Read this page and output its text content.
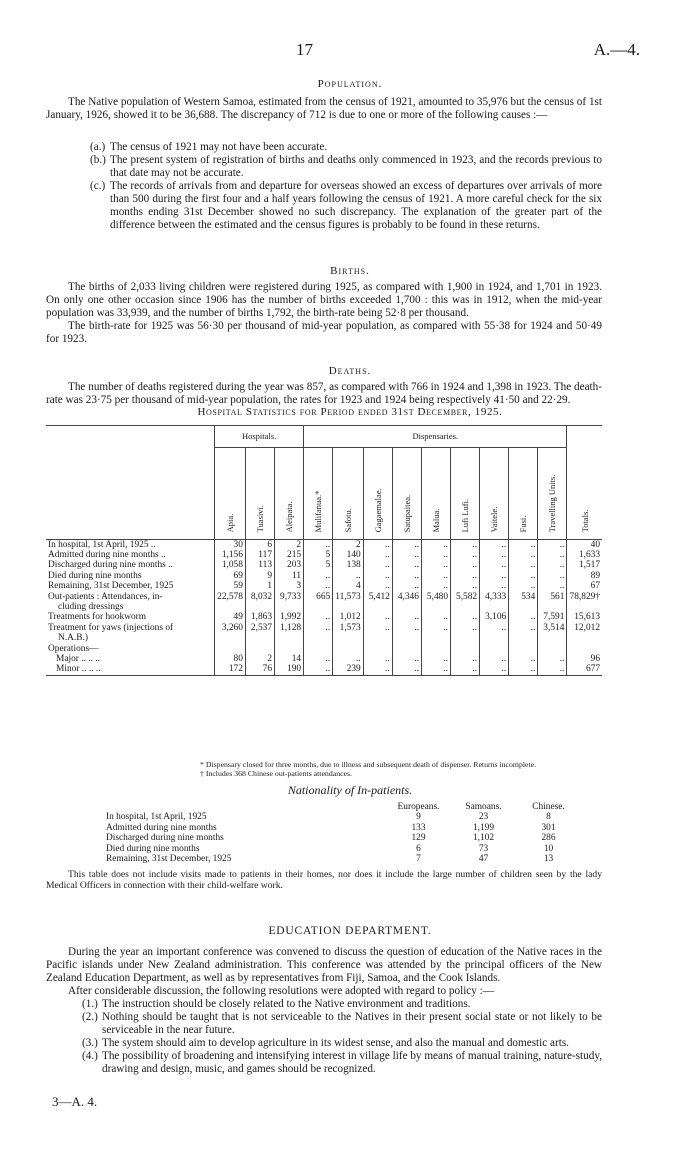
17	A.—4.
Population.

The Native population of Western Samoa, estimated from the census of 1921, amounted to 35,976 but the census of 1st January, 1926, showed it to be 36,688. The discrepancy of 712 is due to one or more of the following causes :—

(a.) The census of 1921 may not have been accurate.
(b.) The present system of registration of births and deaths only commenced in 1923, and the records previous to that date may not be accurate.
(c.) The records of arrivals from and departure for overseas showed an excess of departures over arrivals of more than 500 during the first four and a half years following the census of 1921. A more careful check for the six months ending 31st December showed no such discrepancy. The explanation of the greater part of the difference between the estimated and the census figures is probably to be found in these returns.
Births.

The births of 2,033 living children were registered during 1925, as compared with 1,900 in 1924, and 1,701 in 1923. On only one other occasion since 1906 has the number of births exceeded 1,700 : this was in 1912, when the mid-year population was 33,939, and the number of births 1,792, the birth-rate being 52·8 per thousand.

The birth-rate for 1925 was 56·30 per thousand of mid-year population, as compared with 55·38 for 1924 and 50·49 for 1923.

Deaths.

The number of deaths registered during the year was 857, as compared with 766 in 1924 and 1,398 in 1923. The death-rate was 23·75 per thousand of mid-year population, the rates for 1923 and 1924 being respectively 41·50 and 22·29.

Hospital Statistics for Period ended 31st December, 1925.
	Hospitals.			Dispensaries.									

	Apia.	Tuasivi.	Aleipata.	Mulifanua.*	Safotu.	Gagaemalae.	Satupaitea.	Malua.	Lufi Lufi.	Vaitele.	Fusi.	Travelling Units.	Totals.

In hospital, 1st April, 1925 ..	30	6	2	..	2	..	..	..	..	..	..	..	40
Admitted during nine months ..	1,156	117	215	5	140	..	..	..	..	..	..	..	1,633
Discharged during nine months ..	1,058	113	203	5	138	..	..	..	..	..	..	..	1,517
Died during nine months	69	9	11	..	..	..	..	..	..	..	..	..	89
Remaining, 31st December, 1925	59	1	3	..	4	..	..	..	..	..	..	..	67
Out-patients : Attendances, in-	22,578	8,032	9,733	665	11,573	5,412	4,346	5,480	5,582	4,333	534	561	78,829†
cluding dressings													
Treatments for hookworm	49	1,863	1,992	..	1,012	..	..	..	..	3,106	..	7,591	15,613
Treatment for yaws (injections of	3,260	2,537	1,128	..	1,573	..	..	..	..	..	..	3,514	12,012
N.A.B.)													
Operations—													
Major .. .. ..	80	2	14	..	..	..	..	..	..	..	..	..	96
Minor .. .. ..	172	76	190	..	239	..	..	..	..	..	..	..	677
* Dispensary closed for three months, due to illness and subsequent death of dispenser. Returns incomplete.
† Includes 368 Chinese out-patients attendances.
Nationality of In-patients.
	Europeans.	Samoans.	Chinese.
In hospital, 1st April, 1925	9	23	8
Admitted during nine months	133	1,199	301
Discharged during nine months	129	1,102	286
Died during nine months	6	73	10
Remaining, 31st December, 1925	7	47	13

This table does not include visits made to patients in their homes, nor does it include the large number of children seen by the lady Medical Officers in connection with their child-welfare work.

EDUCATION DEPARTMENT.

During the year an important conference was convened to discuss the question of education of the Native races in the Pacific islands under New Zealand administration. This conference was attended by the principal officers of the New Zealand Education Department, as well as by representatives from Fiji, Samoa, and the Cook Islands.

After considerable discussion, the following resolutions were adopted with regard to policy :—

(1.) The instruction should be closely related to the Native environment and traditions.
(2.) Nothing should be taught that is not serviceable to the Natives in their present social state or not likely to be serviceable in the near future.
(3.) The system should aim to develop agriculture in its widest sense, and also the manual and domestic arts.
(4.) The possibility of broadening and intensifying interest in village life by means of manual training, nature-study, drawing and design, music, and games should be recognized.
3—A. 4.
